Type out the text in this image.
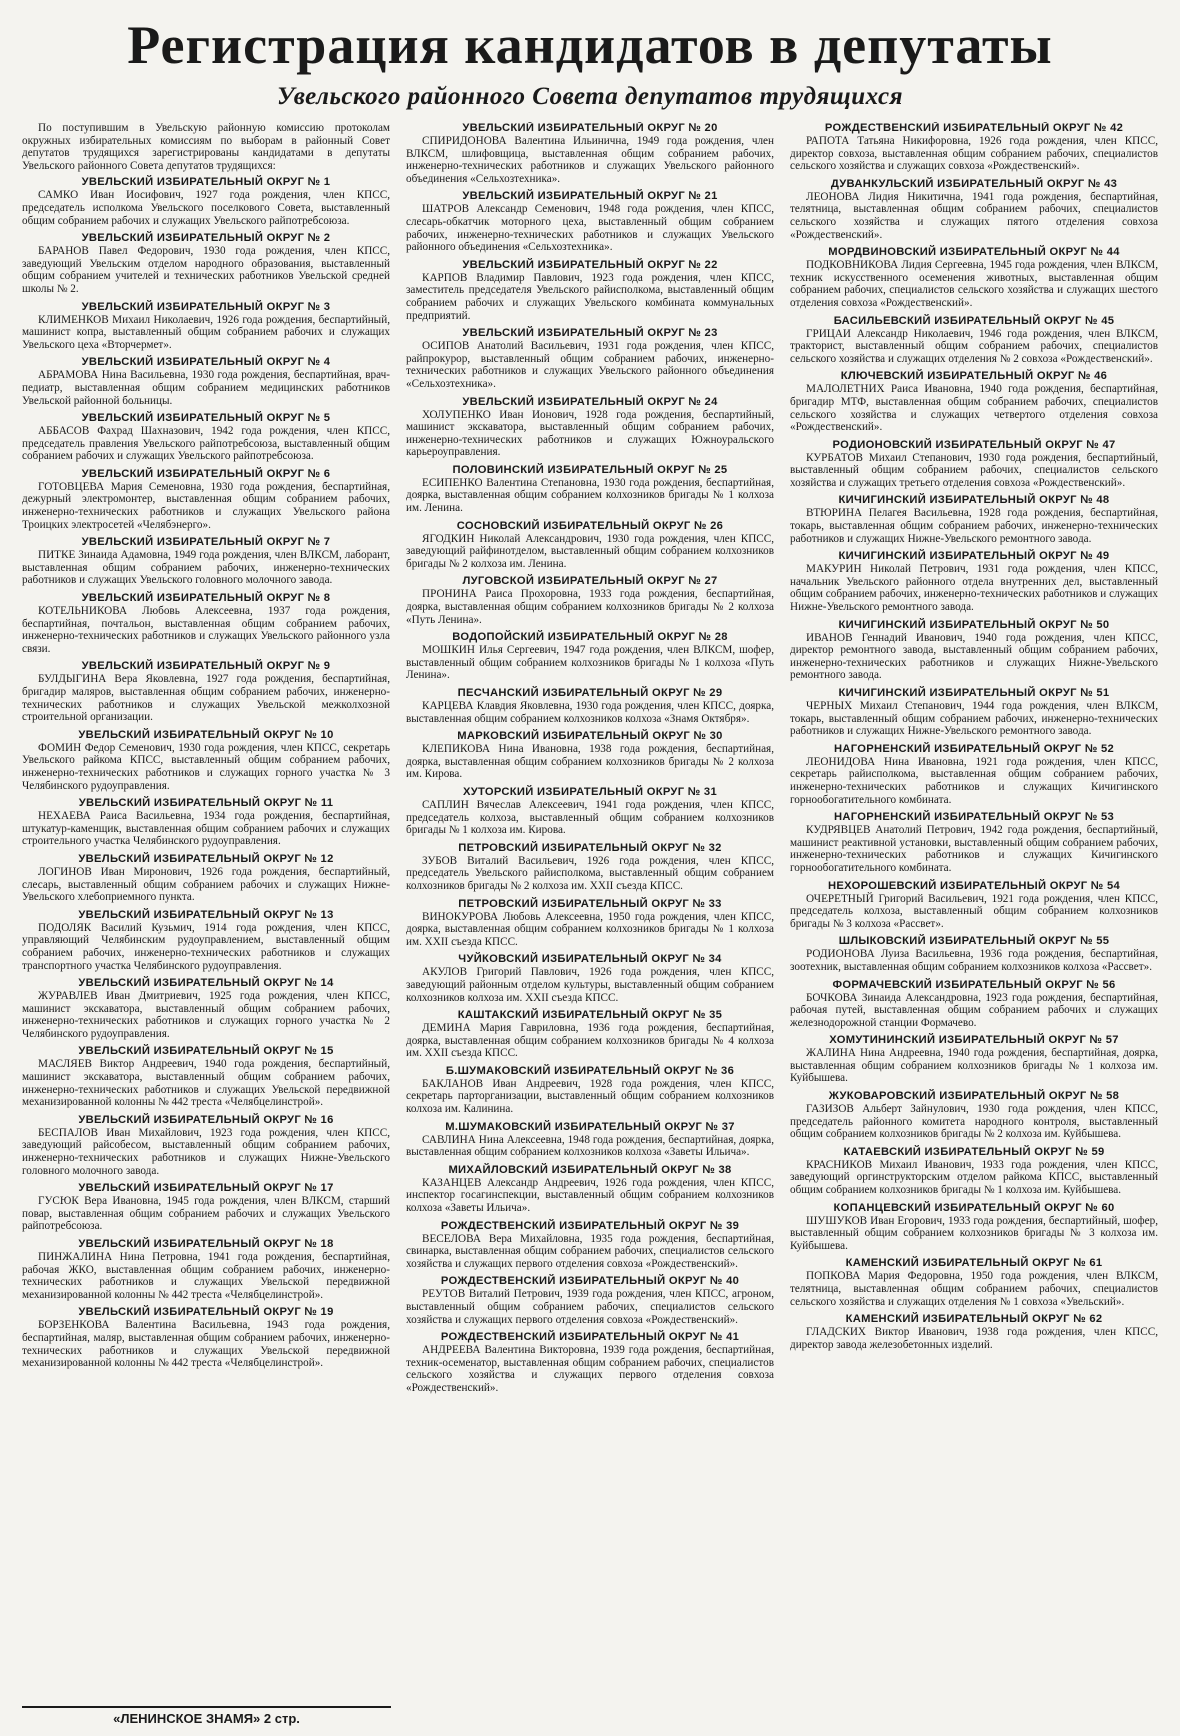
Регистрация кандидатов в депутаты
Увельского районного Совета депутатов трудящихся

По поступившим в Увельскую районную комиссию протоколам окружных избирательных комиссиям по выборам в районный Совет депутатов трудящихся зарегистрированы кандидатами в депутаты Увельского районного Совета депутатов трудящихся:

УВЕЛЬСКИЙ ИЗБИРАТЕЛЬНЫЙ ОКРУГ № 1

САМКО Иван Иосифович, 1927 года рождения, член КПСС, председатель исполкома Увельского поселкового Совета, выставленный общим собранием рабочих и служащих Увельского райпотребсоюза.

УВЕЛЬСКИЙ ИЗБИРАТЕЛЬНЫЙ ОКРУГ № 2

БАРАНОВ Павел Федорович, 1930 года рождения, член КПСС, заведующий Увельским отделом народного образования, выставленный общим собранием учителей и технических работников Увельской средней школы № 2.

УВЕЛЬСКИЙ ИЗБИРАТЕЛЬНЫЙ ОКРУГ № 3

КЛИМЕНКОВ Михаил Николаевич, 1926 года рождения, беспартийный, машинист копра, выставленный общим собранием рабочих и служащих Увельского цеха «Вторчермет».

УВЕЛЬСКИЙ ИЗБИРАТЕЛЬНЫЙ ОКРУГ № 4

АБРАМОВА Нина Васильевна, 1930 года рождения, беспартийная, врач-педиатр, выставленная общим собранием медицинских работников Увельской районной больницы.

УВЕЛЬСКИЙ ИЗБИРАТЕЛЬНЫЙ ОКРУГ № 5

АББАСОВ Фахрад Шахназович, 1942 года рождения, член КПСС, председатель правления Увельского райпотребсоюза, выставленный общим собранием рабочих и служащих Увельского райпотребсоюза.

УВЕЛЬСКИЙ ИЗБИРАТЕЛЬНЫЙ ОКРУГ № 6

ГОТОВЦЕВА Мария Семеновна, 1930 года рождения, беспартийная, дежурный электромонтер, выставленная общим собранием рабочих, инженерно-технических работников и служащих Увельского района Троицких электросетей «Челябэнерго».

УВЕЛЬСКИЙ ИЗБИРАТЕЛЬНЫЙ ОКРУГ № 7

ПИТКЕ Зинаида Адамовна, 1949 года рождения, член ВЛКСМ, лаборант, выставленная общим собранием рабочих, инженерно-технических работников и служащих Увельского головного молочного завода.

УВЕЛЬСКИЙ ИЗБИРАТЕЛЬНЫЙ ОКРУГ № 8

КОТЕЛЬНИКОВА Любовь Алексеевна, 1937 года рождения, беспартийная, почтальон, выставленная общим собранием рабочих, инженерно-технических работников и служащих Увельского районного узла связи.

УВЕЛЬСКИЙ ИЗБИРАТЕЛЬНЫЙ ОКРУГ № 9

БУЛДЫГИНА Вера Яковлевна, 1927 года рождения, беспартийная, бригадир маляров, выставленная общим собранием рабочих, инженерно-технических работников и служащих Увельской межколхозной строительной организации.

УВЕЛЬСКИЙ ИЗБИРАТЕЛЬНЫЙ ОКРУГ № 10

ФОМИН Федор Семенович, 1930 года рождения, член КПСС, секретарь Увельского райкома КПСС, выставленный общим собранием рабочих, инженерно-технических работников и служащих горного участка № 3 Челябинского рудоуправления.

УВЕЛЬСКИЙ ИЗБИРАТЕЛЬНЫЙ ОКРУГ № 11

НЕХАЕВА Раиса Васильевна, 1934 года рождения, беспартийная, штукатур-каменщик, выставленная общим собранием рабочих и служащих строительного участка Челябинского рудоуправления.

УВЕЛЬСКИЙ ИЗБИРАТЕЛЬНЫЙ ОКРУГ № 12

ЛОГИНОВ Иван Миронович, 1926 года рождения, беспартийный, слесарь, выставленный общим собранием рабочих и служащих Нижне-Увельского хлебоприемного пункта.

УВЕЛЬСКИЙ ИЗБИРАТЕЛЬНЫЙ ОКРУГ № 13

ПОДОЛЯК Василий Кузьмич, 1914 года рождения, член КПСС, управляющий Челябинским рудоуправлением, выставленный общим собранием рабочих, инженерно-технических работников и служащих транспортного участка Челябинского рудоуправления.

УВЕЛЬСКИЙ ИЗБИРАТЕЛЬНЫЙ ОКРУГ № 14

ЖУРАВЛЕВ Иван Дмитриевич, 1925 года рождения, член КПСС, машинист экскаватора, выставленный общим собранием рабочих, инженерно-технических работников и служащих горного участка № 2 Челябинского рудоуправления.

УВЕЛЬСКИЙ ИЗБИРАТЕЛЬНЫЙ ОКРУГ № 15

МАСЛЯЕВ Виктор Андреевич, 1940 года рождения, беспартийный, машинист экскаватора, выставленный общим собранием рабочих, инженерно-технических работников и служащих Увельской передвижной механизированной колонны № 442 треста «Челябцелинстрой».

УВЕЛЬСКИЙ ИЗБИРАТЕЛЬНЫЙ ОКРУГ № 16

БЕСПАЛОВ Иван Михайлович, 1923 года рождения, член КПСС, заведующий райсобесом, выставленный общим собранием рабочих, инженерно-технических работников и служащих Нижне-Увельского головного молочного завода.

УВЕЛЬСКИЙ ИЗБИРАТЕЛЬНЫЙ ОКРУГ № 17

ГУСЮК Вера Ивановна, 1945 года рождения, член ВЛКСМ, старший повар, выставленная общим собранием рабочих и служащих Увельского райпотребсоюза.

УВЕЛЬСКИЙ ИЗБИРАТЕЛЬНЫЙ ОКРУГ № 18

ПИНЖАЛИНА Нина Петровна, 1941 года рождения, беспартийная, рабочая ЖКО, выставленная общим собранием рабочих, инженерно-технических работников и служащих Увельской передвижной механизированной колонны № 442 треста «Челябцелинстрой».

УВЕЛЬСКИЙ ИЗБИРАТЕЛЬНЫЙ ОКРУГ № 19

БОРЗЕНКОВА Валентина Васильевна, 1943 года рождения, беспартийная, маляр, выставленная общим собранием рабочих, инженерно-технических работников и служащих Увельской передвижной механизированной колонны № 442 треста «Челябцелинстрой».

УВЕЛЬСКИЙ ИЗБИРАТЕЛЬНЫЙ ОКРУГ № 20

СПИРИДОНОВА Валентина Ильинична, 1949 года рождения, член ВЛКСМ, шлифовщица, выставленная общим собранием рабочих, инженерно-технических работников и служащих Увельского районного объединения «Сельхозтехника».

УВЕЛЬСКИЙ ИЗБИРАТЕЛЬНЫЙ ОКРУГ № 21

ШАТРОВ Александр Семенович, 1948 года рождения, член КПСС, слесарь-обкатчик моторного цеха, выставленный общим собранием рабочих, инженерно-технических работников и служащих Увельского районного объединения «Сельхозтехника».

УВЕЛЬСКИЙ ИЗБИРАТЕЛЬНЫЙ ОКРУГ № 22

КАРПОВ Владимир Павлович, 1923 года рождения, член КПСС, заместитель председателя Увельского райисполкома, выставленный общим собранием рабочих и служащих Увельского комбината коммунальных предприятий.

УВЕЛЬСКИЙ ИЗБИРАТЕЛЬНЫЙ ОКРУГ № 23

ОСИПОВ Анатолий Васильевич, 1931 года рождения, член КПСС, райпрокурор, выставленный общим собранием рабочих, инженерно-технических работников и служащих Увельского районного объединения «Сельхозтехника».

УВЕЛЬСКИЙ ИЗБИРАТЕЛЬНЫЙ ОКРУГ № 24

ХОЛУПЕНКО Иван Ионович, 1928 года рождения, беспартийный, машинист экскаватора, выставленный общим собранием рабочих, инженерно-технических работников и служащих Южноуральского карьероуправления.

ПОЛОВИНСКИЙ ИЗБИРАТЕЛЬНЫЙ ОКРУГ № 25

ЕСИПЕНКО Валентина Степановна, 1930 года рождения, беспартийная, доярка, выставленная общим собранием колхозников бригады № 1 колхоза им. Ленина.

СОСНОВСКИЙ ИЗБИРАТЕЛЬНЫЙ ОКРУГ № 26

ЯГОДКИН Николай Александрович, 1930 года рождения, член КПСС, заведующий райфинотделом, выставленный общим собранием колхозников бригады № 2 колхоза им. Ленина.

ЛУГОВСКОЙ ИЗБИРАТЕЛЬНЫЙ ОКРУГ № 27

ПРОНИНА Раиса Прохоровна, 1933 года рождения, беспартийная, доярка, выставленная общим собранием колхозников бригады № 2 колхоза «Путь Ленина».

ВОДОПОЙСКИЙ ИЗБИРАТЕЛЬНЫЙ ОКРУГ № 28

МОШКИН Илья Сергеевич, 1947 года рождения, член ВЛКСМ, шофер, выставленный общим собранием колхозников бригады № 1 колхоза «Путь Ленина».

ПЕСЧАНСКИЙ ИЗБИРАТЕЛЬНЫЙ ОКРУГ № 29

КАРЦЕВА Клавдия Яковлевна, 1930 года рождения, член КПСС, доярка, выставленная общим собранием колхозников колхоза «Знамя Октября».

МАРКОВСКИЙ ИЗБИРАТЕЛЬНЫЙ ОКРУГ № 30

КЛЕПИКОВА Нина Ивановна, 1938 года рождения, беспартийная, доярка, выставленная общим собранием колхозников бригады № 2 колхоза им. Кирова.

ХУТОРСКИЙ ИЗБИРАТЕЛЬНЫЙ ОКРУГ № 31

САПЛИН Вячеслав Алексеевич, 1941 года рождения, член КПСС, председатель колхоза, выставленный общим собранием колхозников бригады № 1 колхоза им. Кирова.

ПЕТРОВСКИЙ ИЗБИРАТЕЛЬНЫЙ ОКРУГ № 32

ЗУБОВ Виталий Васильевич, 1926 года рождения, член КПСС, председатель Увельского райисполкома, выставленный общим собранием колхозников бригады № 2 колхоза им. XXII съезда КПСС.

ПЕТРОВСКИЙ ИЗБИРАТЕЛЬНЫЙ ОКРУГ № 33

ВИНОКУРОВА Любовь Алексеевна, 1950 года рождения, член КПСС, доярка, выставленная общим собранием колхозников бригады № 1 колхоза им. XXII съезда КПСС.

ЧУЙКОВСКИЙ ИЗБИРАТЕЛЬНЫЙ ОКРУГ № 34

АКУЛОВ Григорий Павлович, 1926 года рождения, член КПСС, заведующий районным отделом культуры, выставленный общим собранием колхозников колхоза им. XXII съезда КПСС.

КАШТАКСКИЙ ИЗБИРАТЕЛЬНЫЙ ОКРУГ № 35

ДЕМИНА Мария Гавриловна, 1936 года рождения, беспартийная, доярка, выставленная общим собранием колхозников бригады № 4 колхоза им. XXII съезда КПСС.

Б.ШУМАКОВСКИЙ ИЗБИРАТЕЛЬНЫЙ ОКРУГ № 36

БАКЛАНОВ Иван Андреевич, 1928 года рождения, член КПСС, секретарь парторганизации, выставленный общим собранием колхозников колхоза им. Калинина.

М.ШУМАКОВСКИЙ ИЗБИРАТЕЛЬНЫЙ ОКРУГ № 37

САВЛИНА Нина Алексеевна, 1948 года рождения, беспартийная, доярка, выставленная общим собранием колхозников колхоза «Заветы Ильича».

МИХАЙЛОВСКИЙ ИЗБИРАТЕЛЬНЫЙ ОКРУГ № 38

КАЗАНЦЕВ Александр Андреевич, 1926 года рождения, член КПСС, инспектор госагинспекции, выставленный общим собранием колхозников колхоза «Заветы Ильича».

РОЖДЕСТВЕНСКИЙ ИЗБИРАТЕЛЬНЫЙ ОКРУГ № 39

ВЕСЕЛОВА Вера Михайловна, 1935 года рождения, беспартийная, свинарка, выставленная общим собранием рабочих, специалистов сельского хозяйства и служащих первого отделения совхоза «Рождественский».

РОЖДЕСТВЕНСКИЙ ИЗБИРАТЕЛЬНЫЙ ОКРУГ № 40

РЕУТОВ Виталий Петрович, 1939 года рождения, член КПСС, агроном, выставленный общим собранием рабочих, специалистов сельского хозяйства и служащих первого отделения совхоза «Рождественский».

РОЖДЕСТВЕНСКИЙ ИЗБИРАТЕЛЬНЫЙ ОКРУГ № 41

АНДРЕЕВА Валентина Викторовна, 1939 года рождения, беспартийная, техник-осеменатор, выставленная общим собранием рабочих, специалистов сельского хозяйства и служащих первого отделения совхоза «Рождественский».

РОЖДЕСТВЕНСКИЙ ИЗБИРАТЕЛЬНЫЙ ОКРУГ № 42

РАПОТА Татьяна Никифоровна, 1926 года рождения, член КПСС, директор совхоза, выставленная общим собранием рабочих, специалистов сельского хозяйства и служащих совхоза «Рождественский».

ДУВАНКУЛЬСКИЙ ИЗБИРАТЕЛЬНЫЙ ОКРУГ № 43

ЛЕОНОВА Лидия Никитична, 1941 года рождения, беспартийная, телятница, выставленная общим собранием рабочих, специалистов сельского хозяйства и служащих пятого отделения совхоза «Рождественский».

МОРДВИНОВСКИЙ ИЗБИРАТЕЛЬНЫЙ ОКРУГ № 44

ПОДКОВНИКОВА Лидия Сергеевна, 1945 года рождения, член ВЛКСМ, техник искусственного осеменения животных, выставленная общим собранием рабочих, специалистов сельского хозяйства и служащих шестого отделения совхоза «Рождественский».

БАСИЛЬЕВСКИЙ ИЗБИРАТЕЛЬНЫЙ ОКРУГ № 45

ГРИЦАИ Александр Николаевич, 1946 года рождения, член ВЛКСМ, тракторист, выставленный общим собранием рабочих, специалистов сельского хозяйства и служащих отделения № 2 совхоза «Рождественский».

КЛЮЧЕВСКИЙ ИЗБИРАТЕЛЬНЫЙ ОКРУГ № 46

МАЛОЛЕТНИХ Раиса Ивановна, 1940 года рождения, беспартийная, бригадир МТФ, выставленная общим собранием рабочих, специалистов сельского хозяйства и служащих четвертого отделения совхоза «Рождественский».

РОДИОНОВСКИЙ ИЗБИРАТЕЛЬНЫЙ ОКРУГ № 47

КУРБАТОВ Михаил Степанович, 1930 года рождения, беспартийный, выставленный общим собранием рабочих, специалистов сельского хозяйства и служащих третьего отделения совхоза «Рождественский».

КИЧИГИНСКИЙ ИЗБИРАТЕЛЬНЫЙ ОКРУГ № 48

ВТЮРИНА Пелагея Васильевна, 1928 года рождения, беспартийная, токарь, выставленная общим собранием рабочих, инженерно-технических работников и служащих Нижне-Увельского ремонтного завода.

КИЧИГИНСКИЙ ИЗБИРАТЕЛЬНЫЙ ОКРУГ № 49

МАКУРИН Николай Петрович, 1931 года рождения, член КПСС, начальник Увельского районного отдела внутренних дел, выставленный общим собранием рабочих, инженерно-технических работников и служащих Нижне-Увельского ремонтного завода.

КИЧИГИНСКИЙ ИЗБИРАТЕЛЬНЫЙ ОКРУГ № 50

ИВАНОВ Геннадий Иванович, 1940 года рождения, член КПСС, директор ремонтного завода, выставленный общим собранием рабочих, инженерно-технических работников и служащих Нижне-Увельского ремонтного завода.

КИЧИГИНСКИЙ ИЗБИРАТЕЛЬНЫЙ ОКРУГ № 51

ЧЕРНЫХ Михаил Степанович, 1944 года рождения, член ВЛКСМ, токарь, выставленный общим собранием рабочих, инженерно-технических работников и служащих Нижне-Увельского ремонтного завода.

НАГОРНЕНСКИЙ ИЗБИРАТЕЛЬНЫЙ ОКРУГ № 52

ЛЕОНИДОВА Нина Ивановна, 1921 года рождения, член КПСС, секретарь райисполкома, выставленная общим собранием рабочих, инженерно-технических работников и служащих Кичигинского горнообогатительного комбината.

НАГОРНЕНСКИЙ ИЗБИРАТЕЛЬНЫЙ ОКРУГ № 53

КУДРЯВЦЕВ Анатолий Петрович, 1942 года рождения, беспартийный, машинист реактивной установки, выставленный общим собранием рабочих, инженерно-технических работников и служащих Кичигинского горнообогатительного комбината.

НЕХОРОШЕВСКИЙ ИЗБИРАТЕЛЬНЫЙ ОКРУГ № 54

ОЧЕРЕТНЫЙ Григорий Васильевич, 1921 года рождения, член КПСС, председатель колхоза, выставленный общим собранием колхозников бригады № 3 колхоза «Рассвет».

ШЛЫКОВСКИЙ ИЗБИРАТЕЛЬНЫЙ ОКРУГ № 55

РОДИОНОВА Луиза Васильевна, 1936 года рождения, беспартийная, зоотехник, выставленная общим собранием колхозников колхоза «Рассвет».

ФОРМАЧЕВСКИЙ ИЗБИРАТЕЛЬНЫЙ ОКРУГ № 56

БОЧКОВА Зинаида Александровна, 1923 года рождения, беспартийная, рабочая путей, выставленная общим собранием рабочих и служащих железнодорожной станции Формачево.

ХОМУТИНИНСКИЙ ИЗБИРАТЕЛЬНЫЙ ОКРУГ № 57

ЖАЛИНА Нина Андреевна, 1940 года рождения, беспартийная, доярка, выставленная общим собранием колхозников бригады № 1 колхоза им. Куйбышева.

ЖУКОВАРОВСКИЙ ИЗБИРАТЕЛЬНЫЙ ОКРУГ № 58

ГАЗИЗОВ Альберт Зайнулович, 1930 года рождения, член КПСС, председатель районного комитета народного контроля, выставленный общим собранием колхозников бригады № 2 колхоза им. Куйбышева.

КАТАЕВСКИЙ ИЗБИРАТЕЛЬНЫЙ ОКРУГ № 59

КРАСНИКОВ Михаил Иванович, 1933 года рождения, член КПСС, заведующий оргинструкторским отделом райкома КПСС, выставленный общим собранием колхозников бригады № 1 колхоза им. Куйбышева.

КОПАНЦЕВСКИЙ ИЗБИРАТЕЛЬНЫЙ ОКРУГ № 60

ШУШУКОВ Иван Егорович, 1933 года рождения, беспартийный, шофер, выставленный общим собранием колхозников бригады № 3 колхоза им. Куйбышева.

КАМЕНСКИЙ ИЗБИРАТЕЛЬНЫЙ ОКРУГ № 61

ПОПКОВА Мария Федоровна, 1950 года рождения, член ВЛКСМ, телятница, выставленная общим собранием рабочих, специалистов сельского хозяйства и служащих отделения № 1 совхоза «Увельский».

КАМЕНСКИЙ ИЗБИРАТЕЛЬНЫЙ ОКРУГ № 62

ГЛАДСКИХ Виктор Иванович, 1938 года рождения, член КПСС, директор завода железобетонных изделий.

«ЛЕНИНСКОЕ ЗНАМЯ» 2 стр.
